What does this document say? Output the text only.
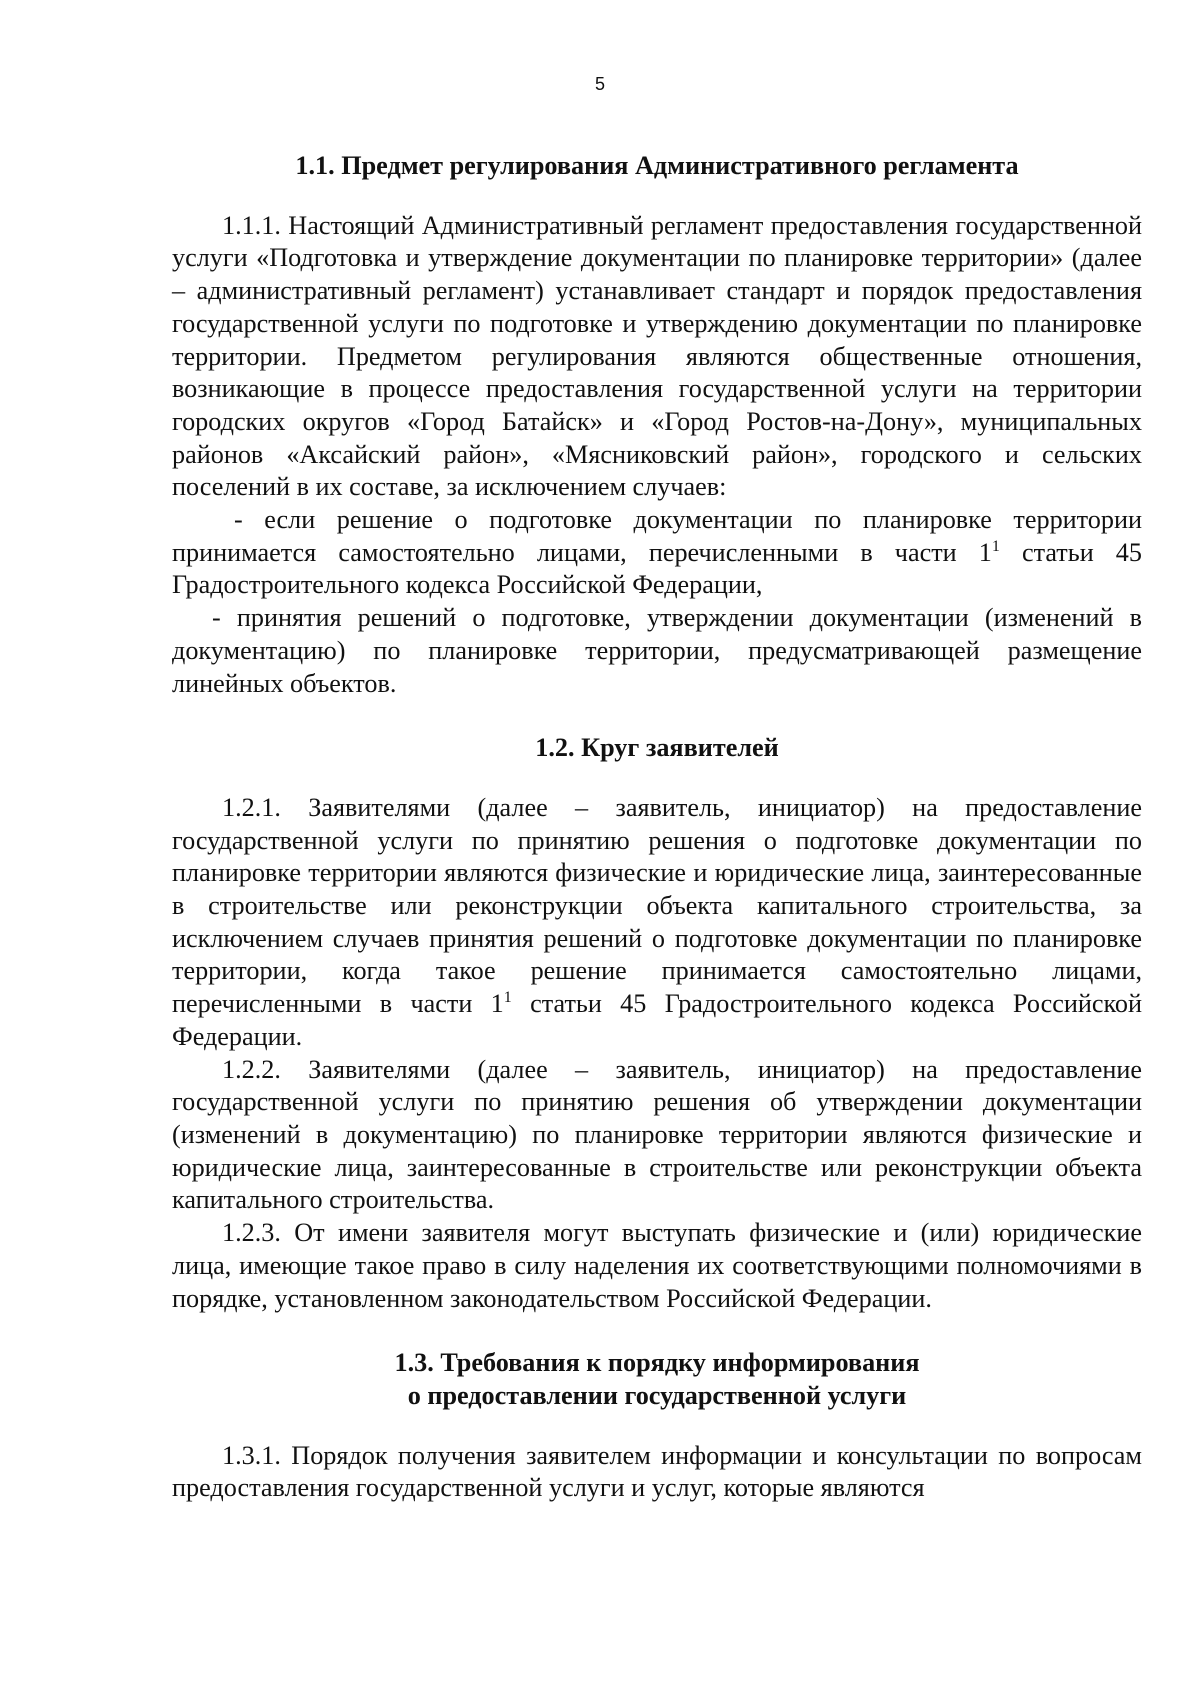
5
1.1. Предмет регулирования Административного регламента

1.1.1. Настоящий Административный регламент предоставления государственной услуги «Подготовка и утверждение документации по планировке территории» (далее – административный регламент) устанавливает стандарт и порядок предоставления государственной услуги по подготовке и утверждению документации по планировке территории. Предметом регулирования являются общественные отношения, возникающие в процессе предоставления государственной услуги на территории городских округов «Город Батайск» и «Город Ростов-на-Дону», муниципальных районов «Аксайский район», «Мясниковский район», городского и сельских поселений в их составе, за исключением случаев:

- если решение о подготовке документации по планировке территории принимается самостоятельно лицами, перечисленными в части $1^1$ статьи 45 Градостроительного кодекса Российской Федерации,

- принятия решений о подготовке, утверждении документации (изменений в документацию) по планировке территории, предусматривающей размещение линейных объектов.

1.2. Круг заявителей

1.2.1. Заявителями (далее – заявитель, инициатор) на предоставление государственной услуги по принятию решения о подготовке документации по планировке территории являются физические и юридические лица, заинтересованные в строительстве или реконструкции объекта капитального строительства, за исключением случаев принятия решений о подготовке документации по планировке территории, когда такое решение принимается самостоятельно лицами, перечисленными в части $1^1$ статьи 45 Градостроительного кодекса Российской Федерации.

1.2.2. Заявителями (далее – заявитель, инициатор) на предоставление государственной услуги по принятию решения об утверждении документации (изменений в документацию) по планировке территории являются физические и юридические лица, заинтересованные в строительстве или реконструкции объекта капитального строительства.

1.2.3. От имени заявителя могут выступать физические и (или) юридические лица, имеющие такое право в силу наделения их соответствующими полномочиями в порядке, установленном законодательством Российской Федерации.

1.3. Требования к порядку информирования
о предоставлении государственной услуги

1.3.1. Порядок получения заявителем информации и консультации по вопросам предоставления государственной услуги и услуг, которые являются
